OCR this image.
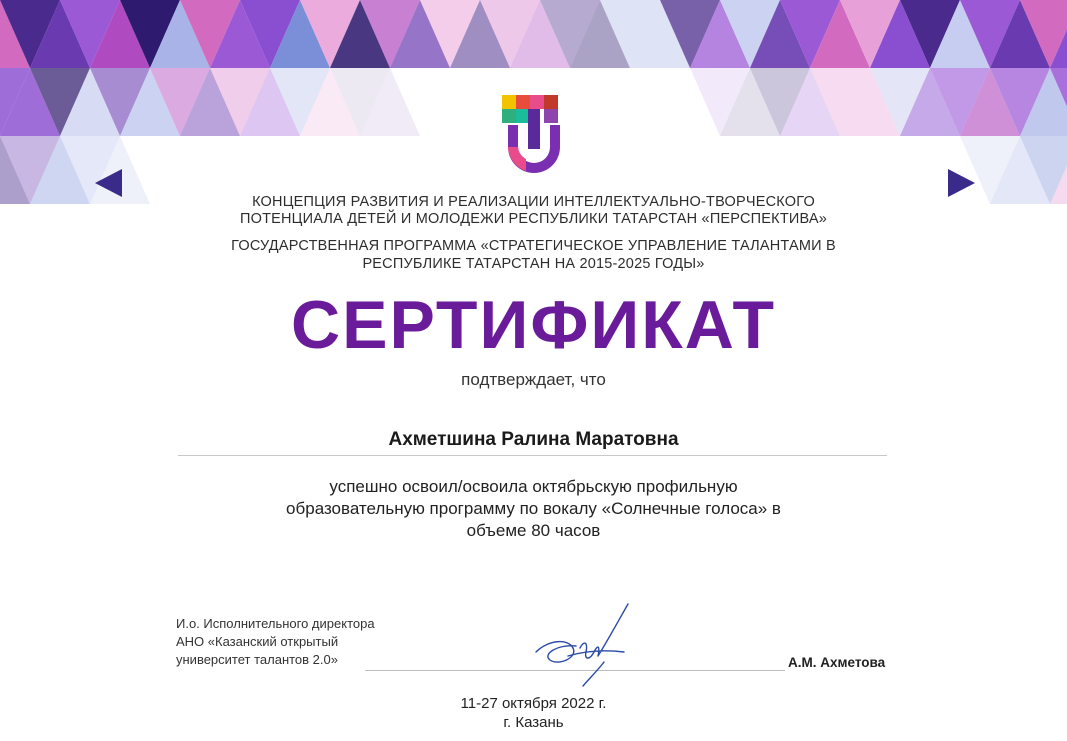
КОНЦЕПЦИЯ РАЗВИТИЯ И РЕАЛИЗАЦИИ ИНТЕЛЛЕКТУАЛЬНО-ТВОРЧЕСКОГО
ПОТЕНЦИАЛА ДЕТЕЙ И МОЛОДЕЖИ РЕСПУБЛИКИ ТАТАРСТАН «ПЕРСПЕКТИВА»
ГОСУДАРСТВЕННАЯ ПРОГРАММА «СТРАТЕГИЧЕСКОЕ УПРАВЛЕНИЕ ТАЛАНТАМИ В
РЕСПУБЛИКЕ ТАТАРСТАН НА 2015-2025 ГОДЫ»
СЕРТИФИКАТ
подтверждает, что
Ахметшина Ралина Маратовна
успешно освоил/освоила октябрьскую профильную
образовательную программу по вокалу «Солнечные голоса» в
объеме 80 часов
И.о. Исполнительного директора
АНО «Казанский открытый
университет талантов 2.0»	А.М. Ахметова
11-27 октября 2022 г.
г. Казань
